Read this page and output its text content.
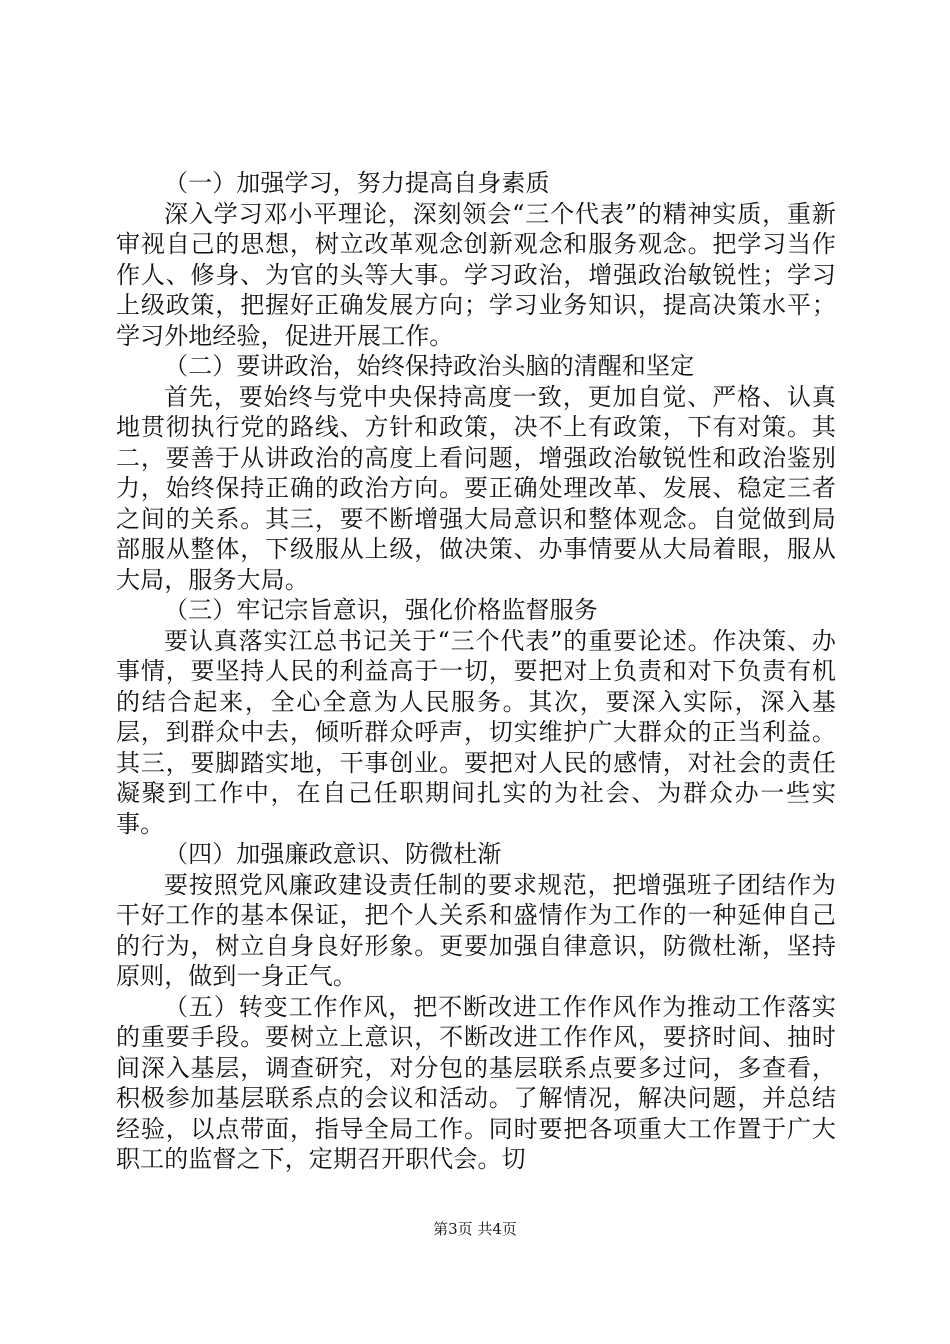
（一）加强学习，努力提高自身素质

深入学习邓小平理论，深刻领会“三个代表”的精神实质，重新审视自己的思想，树立改革观念创新观念和服务观念。把学习当作作人、修身、为官的头等大事。学习政治，增强政治敏锐性；学习上级政策，把握好正确发展方向；学习业务知识，提高决策水平；学习外地经验，促进开展工作。

（二）要讲政治，始终保持政治头脑的清醒和坚定

首先，要始终与党中央保持高度一致，更加自觉、严格、认真地贯彻执行党的路线、方针和政策，决不上有政策，下有对策。其二，要善于从讲政治的高度上看问题，增强政治敏锐性和政治鉴别力，始终保持正确的政治方向。要正确处理改革、发展、稳定三者之间的关系。其三，要不断增强大局意识和整体观念。自觉做到局部服从整体，下级服从上级，做决策、办事情要从大局着眼，服从大局，服务大局。

（三）牢记宗旨意识，强化价格监督服务

要认真落实江总书记关于“三个代表”的重要论述。作决策、办事情，要坚持人民的利益高于一切，要把对上负责和对下负责有机的结合起来，全心全意为人民服务。其次，要深入实际，深入基层，到群众中去，倾听群众呼声，切实维护广大群众的正当利益。其三，要脚踏实地，干事创业。要把对人民的感情，对社会的责任凝聚到工作中，在自己任职期间扎实的为社会、为群众办一些实事。

（四）加强廉政意识、防微杜渐

要按照党风廉政建设责任制的要求规范，把增强班子团结作为干好工作的基本保证，把个人关系和盛情作为工作的一种延伸自己的行为，树立自身良好形象。更要加强自律意识，防微杜渐，坚持原则，做到一身正气。

（五）转变工作作风，把不断改进工作作风作为推动工作落实的重要手段。要树立上意识，不断改进工作作风，要挤时间、抽时间深入基层，调查研究，对分包的基层联系点要多过问，多查看，积极参加基层联系点的会议和活动。了解情况，解决问题，并总结经验，以点带面，指导全局工作。同时要把各项重大工作置于广大职工的监督之下，定期召开职代会。切

第3页 共4页
